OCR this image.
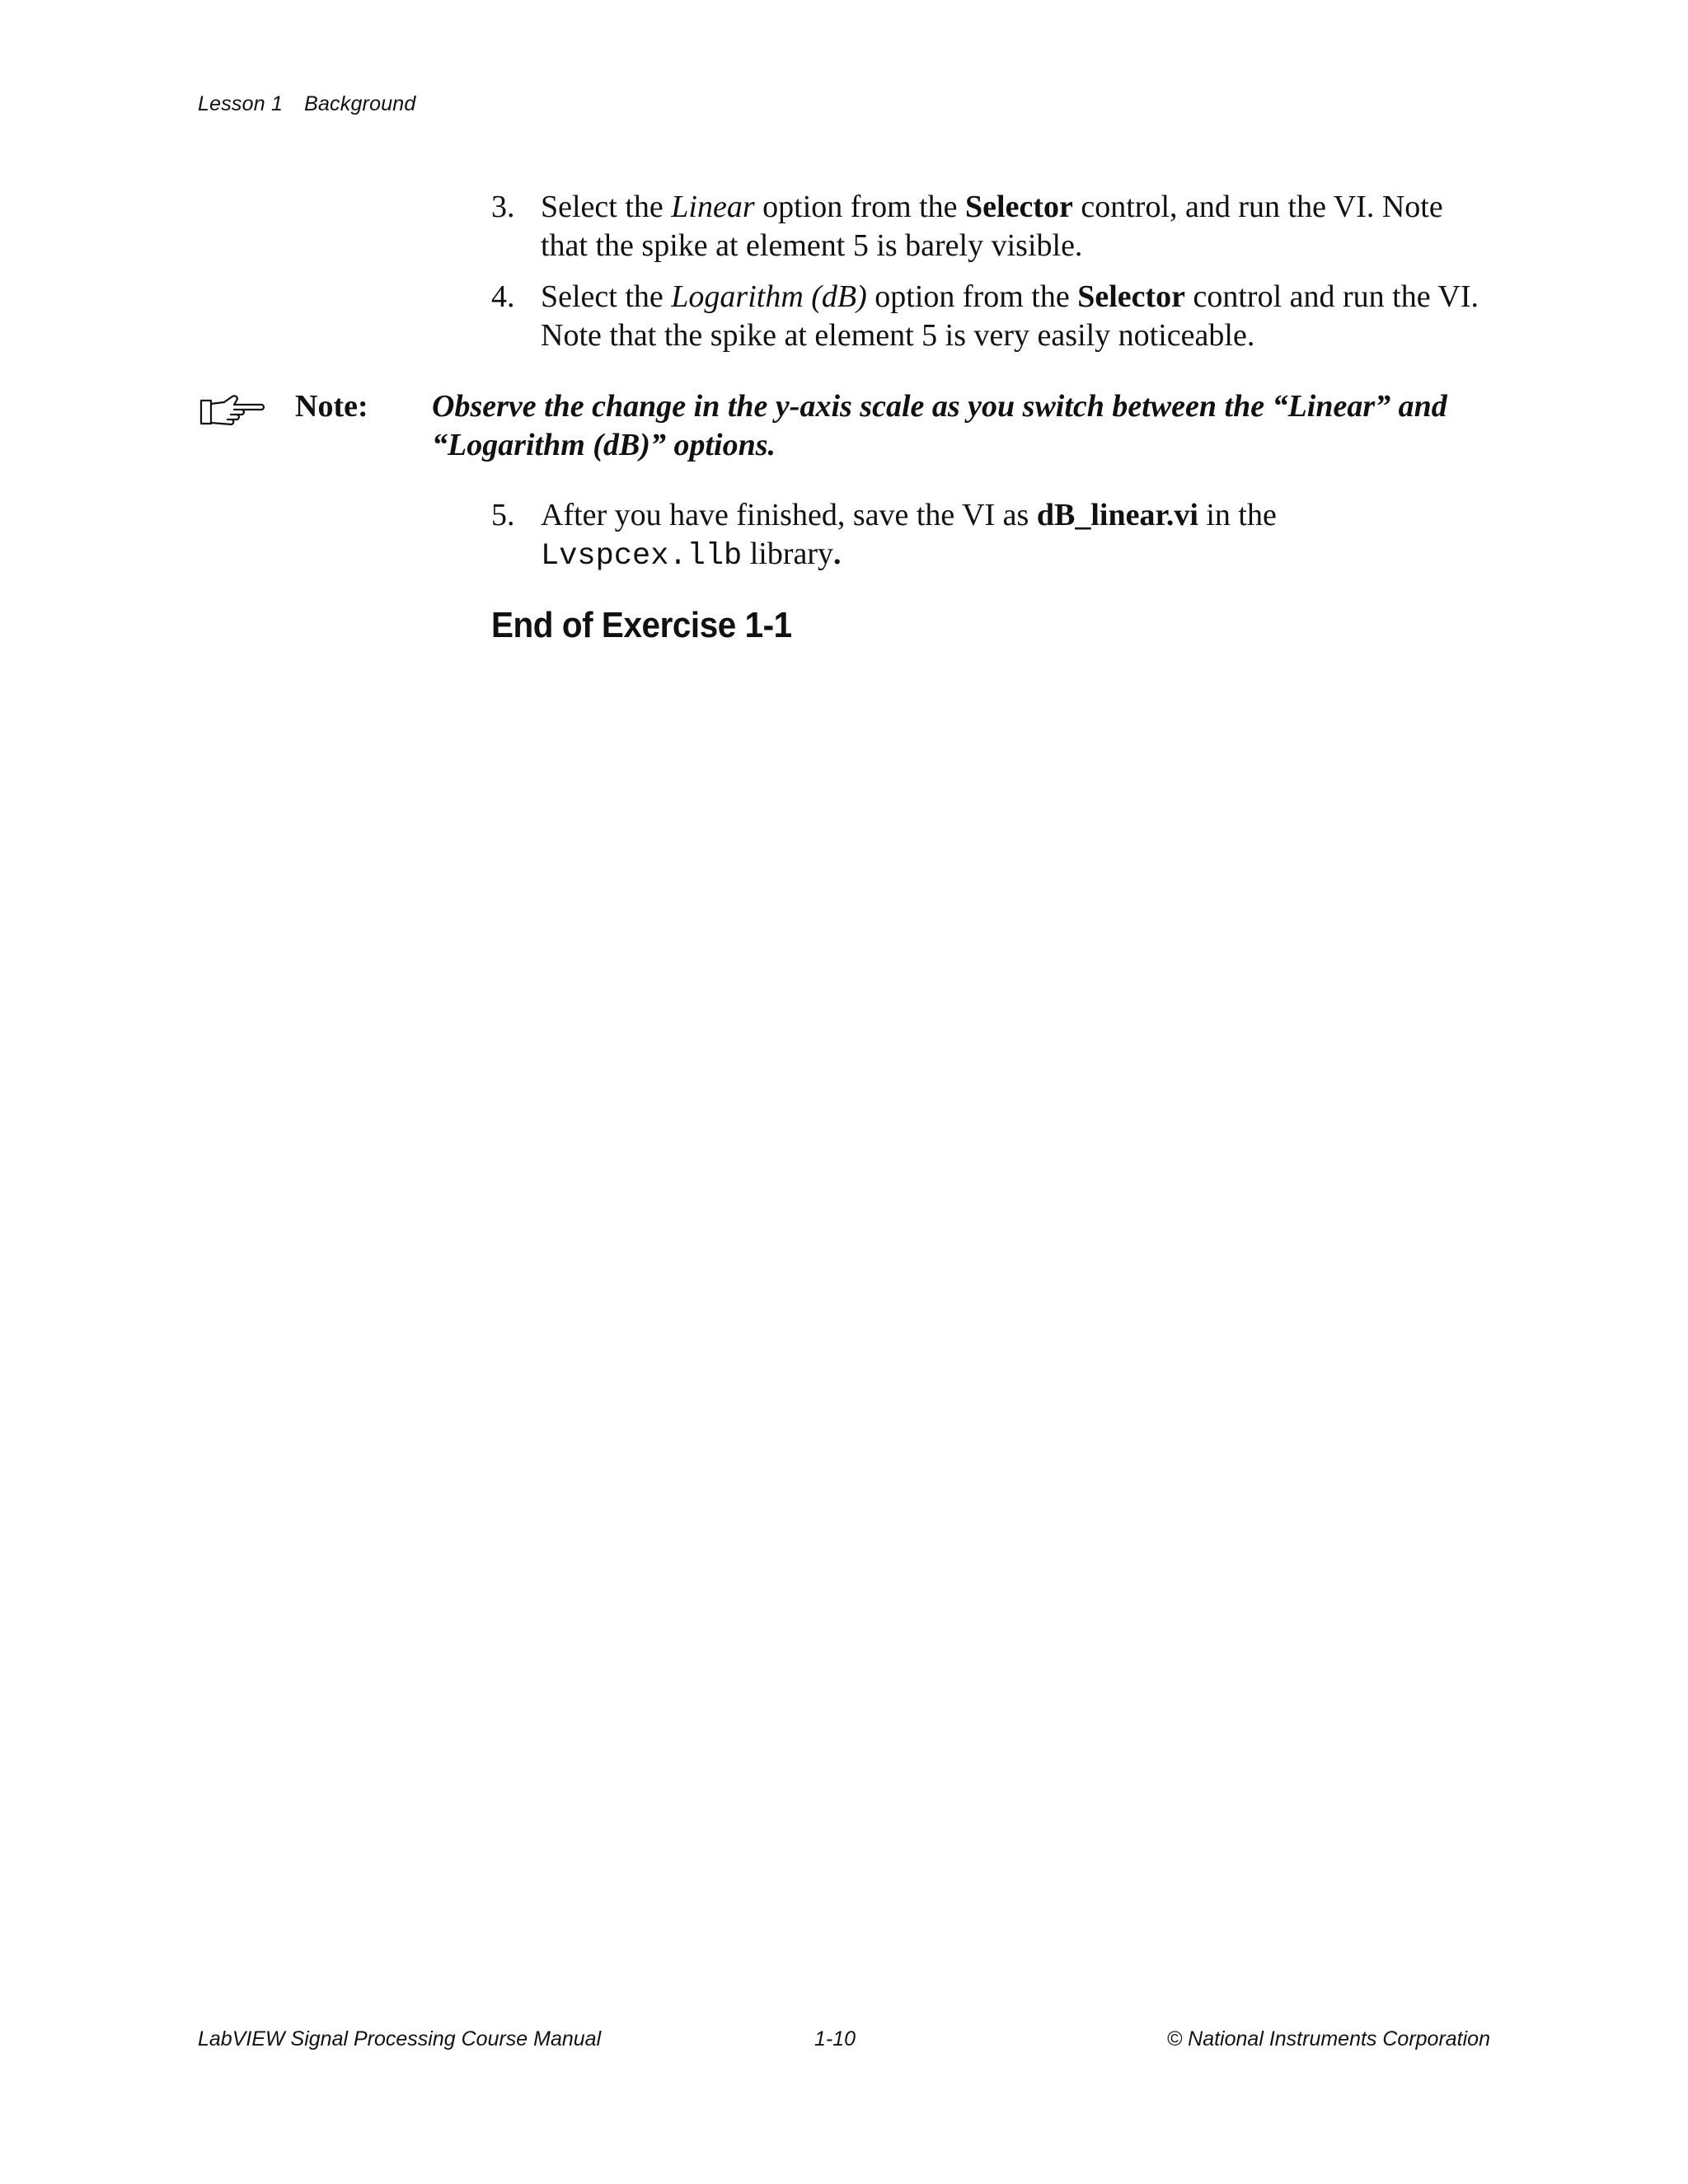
Lesson 1 Background
3. Select the Linear option from the Selector control, and run the VI. Note that the spike at element 5 is barely visible.
4. Select the Logarithm (dB) option from the Selector control and run the VI. Note that the spike at element 5 is very easily noticeable.
Note: Observe the change in the y-axis scale as you switch between the “Linear” and “Logarithm (dB)” options.
5. After you have finished, save the VI as dB_linear.vi in the
Lvspcex.llb library.
End of Exercise 1-1
LabVIEW Signal Processing Course Manual	1-10	© National Instruments Corporation
